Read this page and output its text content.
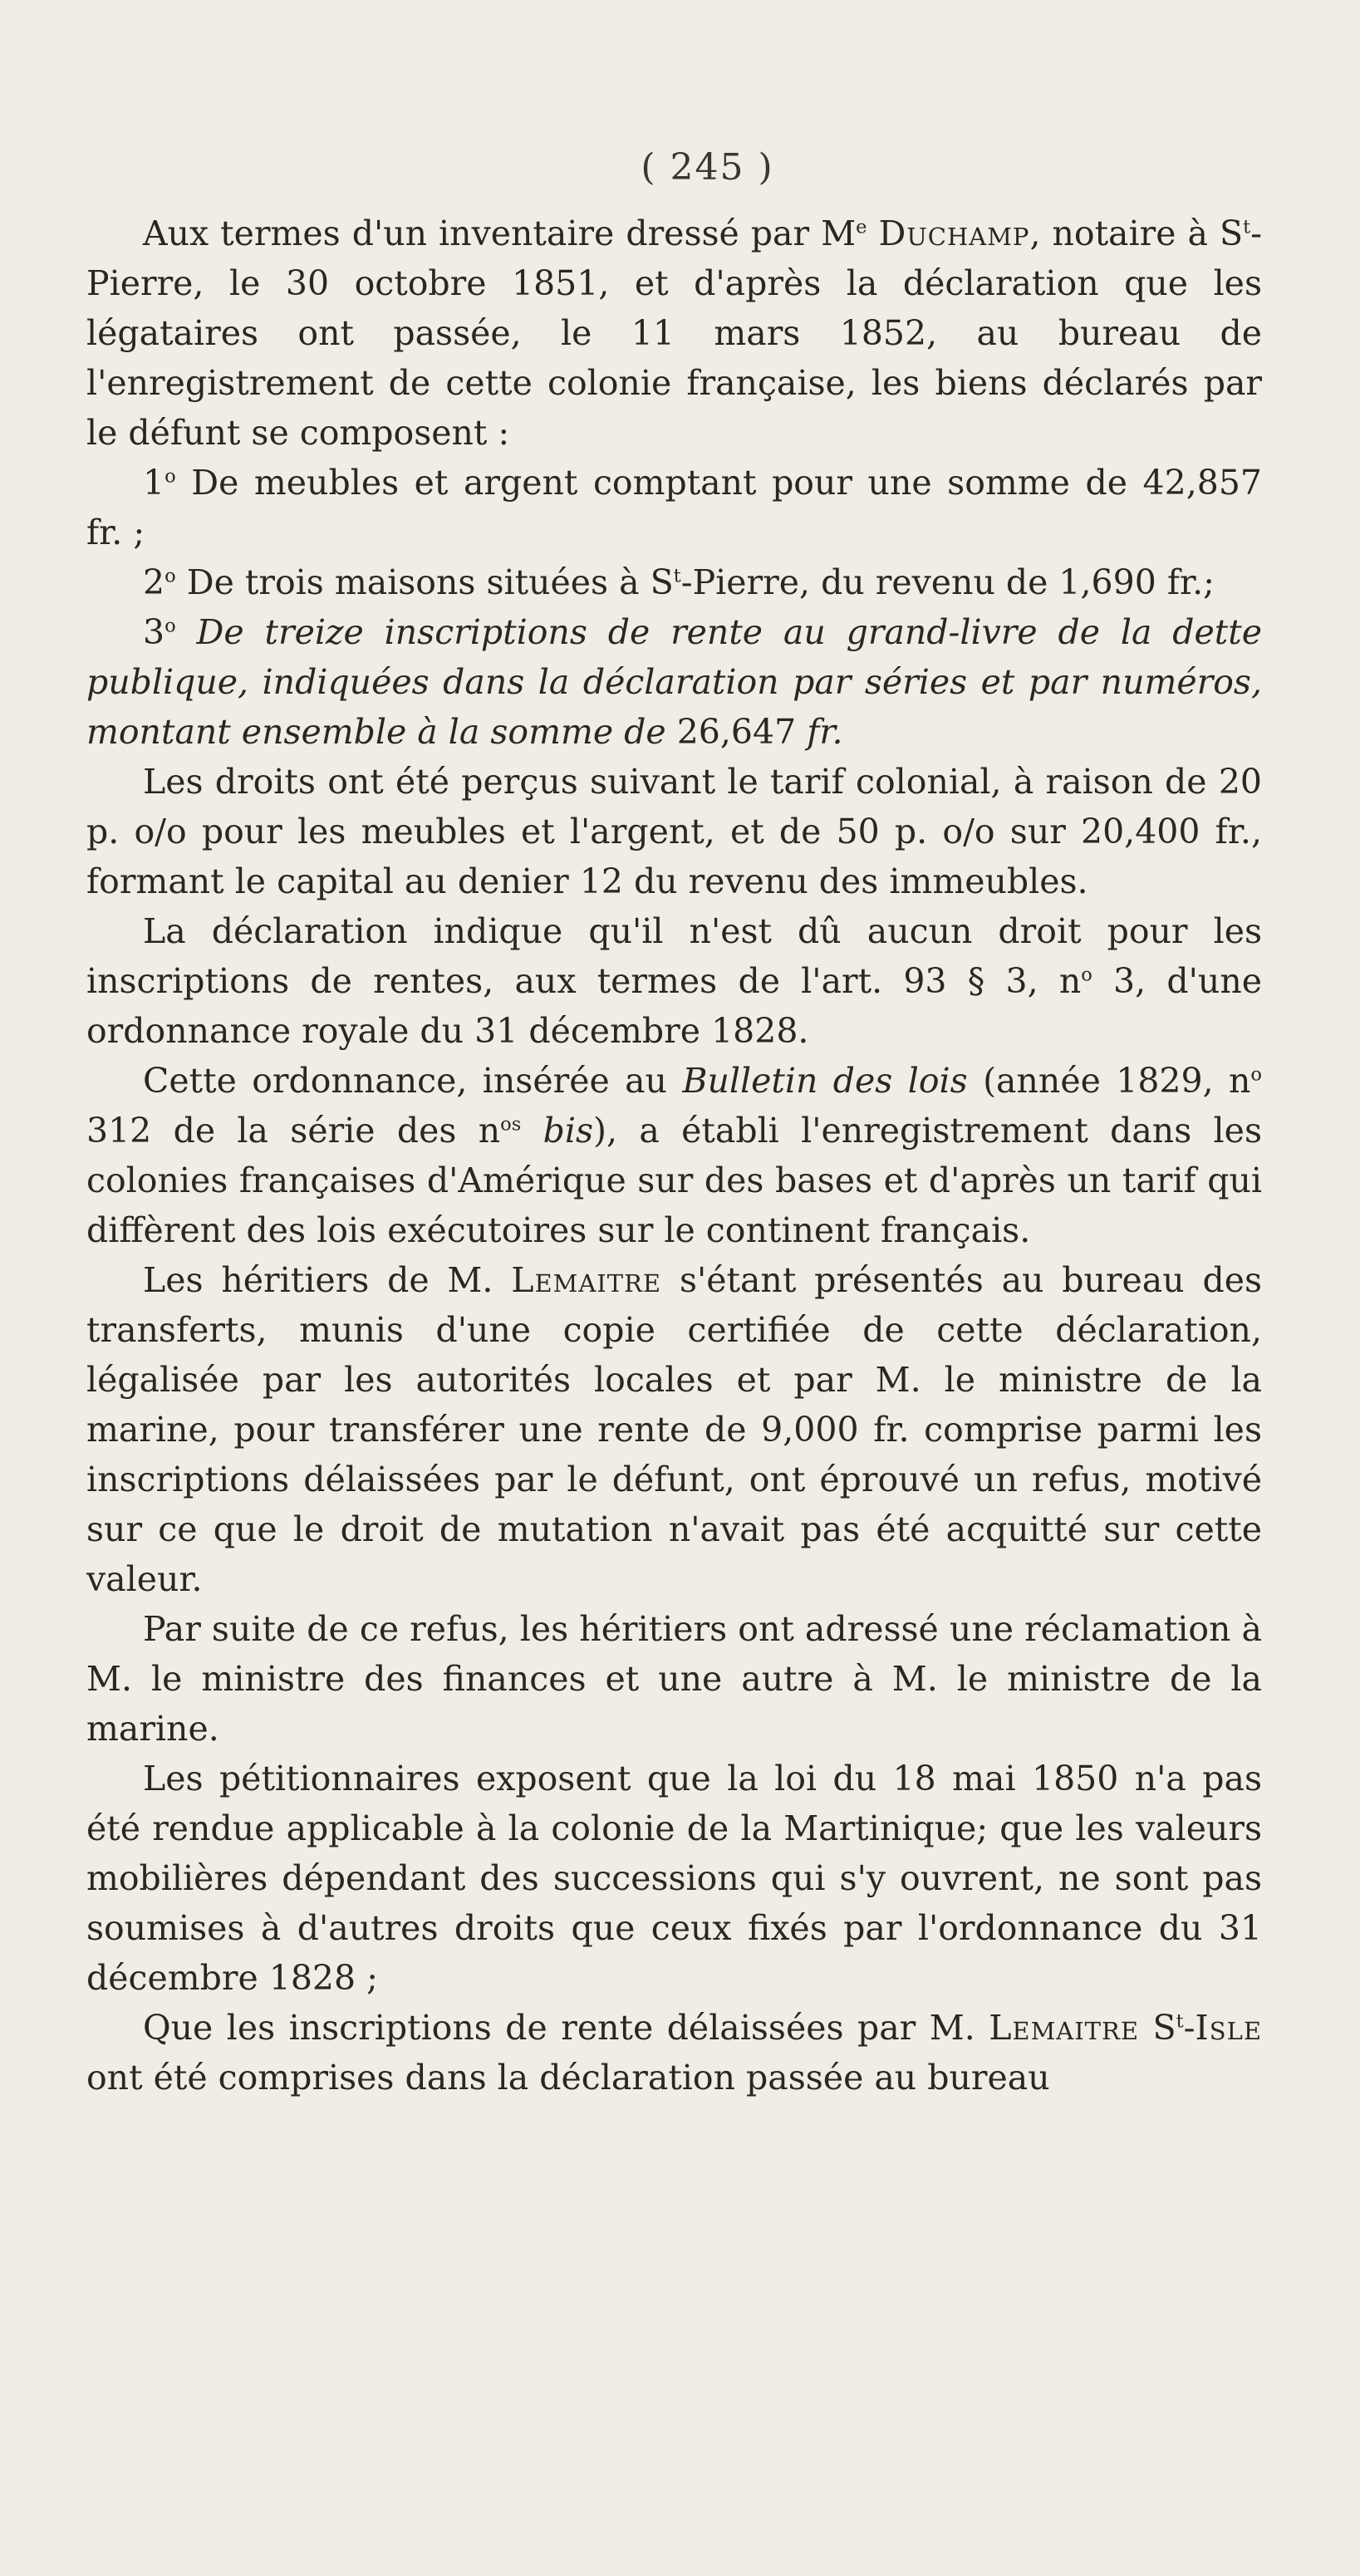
( 245 )

Aux termes d'un inventaire dressé par Me Duchamp, notaire à $S^t$-Pierre, le 30 octobre 1851, et d'après la déclaration que les légataires ont passée, le 11 mars 1852, au bureau de l'enregistrement de cette colonie française, les biens déclarés par le défunt se composent :

1$^o$ De meubles et argent comptant pour une somme de 42,857 fr. ;

2$^o$ De trois maisons situées à $S^t$-Pierre, du revenu de 1,690 fr.;

3$^o$ De treize inscriptions de rente au grand-livre de la dette publique, indiquées dans la déclaration par séries et par numéros, montant ensemble à la somme de 26,647 fr.

Les droits ont été perçus suivant le tarif colonial, à raison de 20 p. o/o pour les meubles et l'argent, et de 50 p. o/o sur 20,400 fr., formant le capital au denier 12 du revenu des immeubles.

La déclaration indique qu'il n'est dû aucun droit pour les inscriptions de rentes, aux termes de l'art. 93 § 3, $n^o$ 3, d'une ordonnance royale du 31 décembre 1828.

Cette ordonnance, insérée au Bulletin des lois (année 1829, $n^o$ 312 de la série des $n^{os}$ bis), a établi l'enregistrement dans les colonies françaises d'Amérique sur des bases et d'après un tarif qui diffèrent des lois exécutoires sur le continent français.

Les héritiers de M. Lemaitre s'étant présentés au bureau des transferts, munis d'une copie certifiée de cette déclaration, légalisée par les autorités locales et par M. le ministre de la marine, pour transférer une rente de 9,000 fr. comprise parmi les inscriptions délaissées par le défunt, ont éprouvé un refus, motivé sur ce que le droit de mutation n'avait pas été acquitté sur cette valeur.

Par suite de ce refus, les héritiers ont adressé une réclamation à M. le ministre des finances et une autre à M. le ministre de la marine.

Les pétitionnaires exposent que la loi du 18 mai 1850 n'a pas été rendue applicable à la colonie de la Martinique; que les valeurs mobilières dépendant des successions qui s'y ouvrent, ne sont pas soumises à d'autres droits que ceux fixés par l'ordonnance du 31 décembre 1828 ;

Que les inscriptions de rente délaissées par M. Lemaitre $S^t$-Isle ont été comprises dans la déclaration passée au bureau
